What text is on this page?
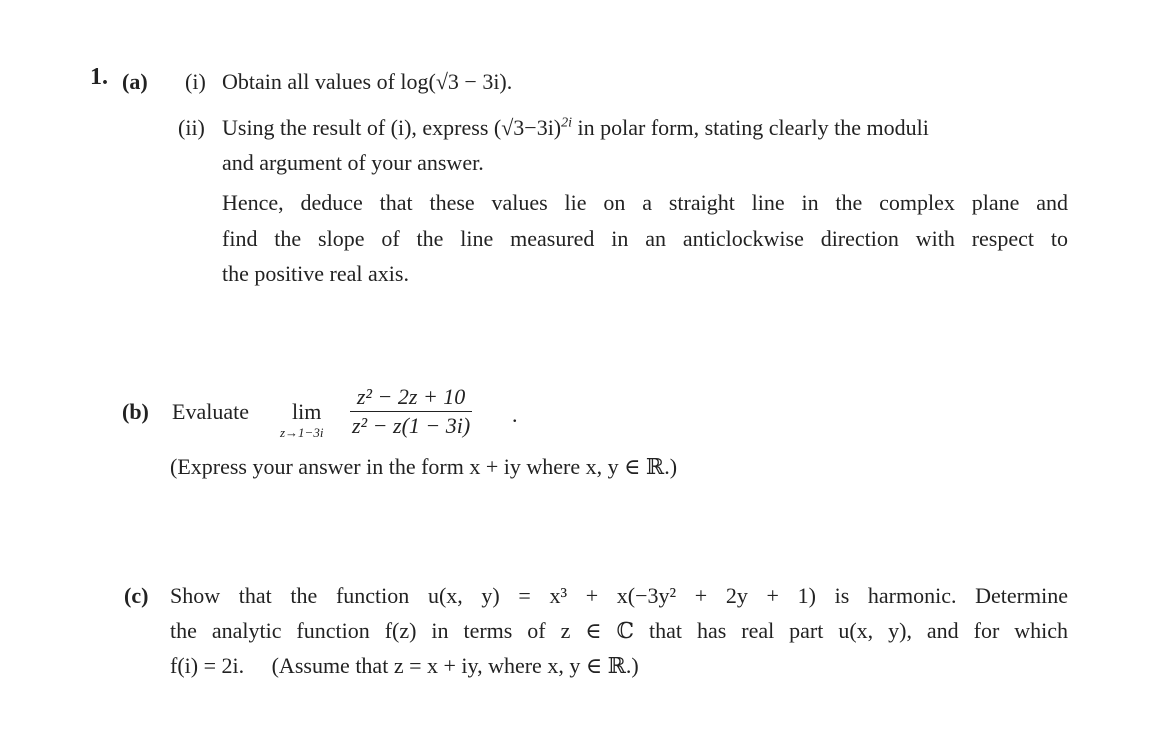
1. (a) (i) Obtain all values of log(√3 − 3i).
(ii) Using the result of (i), express $(√3-3i)^{2i}$ in polar form, stating clearly the moduli
and argument of your answer.
Hence, deduce that these values lie on a straight line in the complex plane and
find the slope of the line measured in an anticlockwise direction with respect to
the positive real axis.
(b) Evaluate lim
$z\to 1-3i \frac{\text{z² − 2z + 10}}{\text{z² − z(1 − 3i)}}$ .
(Express your answer in the form x + iy where x, y ∈ ℝ.)
(c) Show that the function u(x, y) = x³ + x(−3y² + 2y + 1) is harmonic. Determine
the analytic function f(z) in terms of z ∈ ℂ that has real part u(x, y), and for which
f(i) = 2i.     (Assume that z = x + iy, where x, y ∈ ℝ.)
